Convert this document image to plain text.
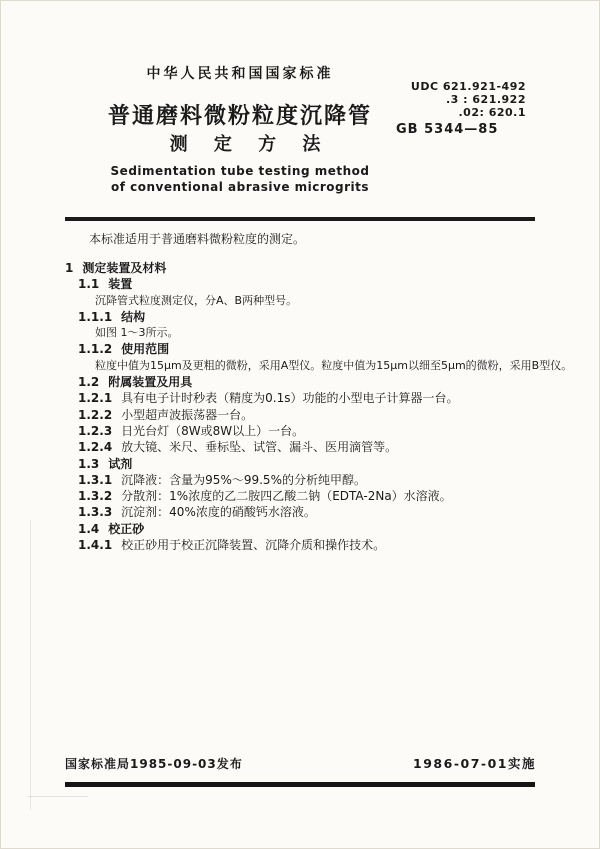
中华人民共和国国家标准
UDC 621.921-492
.3 : 621.922
.02: 620.1
GB 5344—85
普通磨料微粉粒度沉降管
测 定 方 法
Sedimentation tube testing method
of conventional abrasive microgrits
本标准适用于普通磨料微粉粒度的测定。
1 测定装置及材料
1.1 装置
沉降管式粒度测定仪，分A、B两种型号。
1.1.1 结构
如图 1～3所示。
1.1.2 使用范围
粒度中值为15μm及更粗的微粉，采用A型仪。粒度中值为15μm以细至5μm的微粉，采用B型仪。
1.2 附属装置及用具
1.2.1 具有电子计时秒表（精度为0.1s）功能的小型电子计算器一台。
1.2.2 小型超声波振荡器一台。
1.2.3 日光台灯（8W或8W以上）一台。
1.2.4 放大镜、米尺、垂标坠、试管、漏斗、医用滴管等。
1.3 试剂
1.3.1 沉降液：含量为95%～99.5%的分析纯甲醇。
1.3.2 分散剂：1%浓度的乙二胺四乙酸二钠（EDTA-2Na）水溶液。
1.3.3 沉淀剂：40%浓度的硝酸钙水溶液。
1.4 校正砂
1.4.1 校正砂用于校正沉降装置、沉降介质和操作技术。
国家标准局1985-09-03发布	1986-07-01实施
